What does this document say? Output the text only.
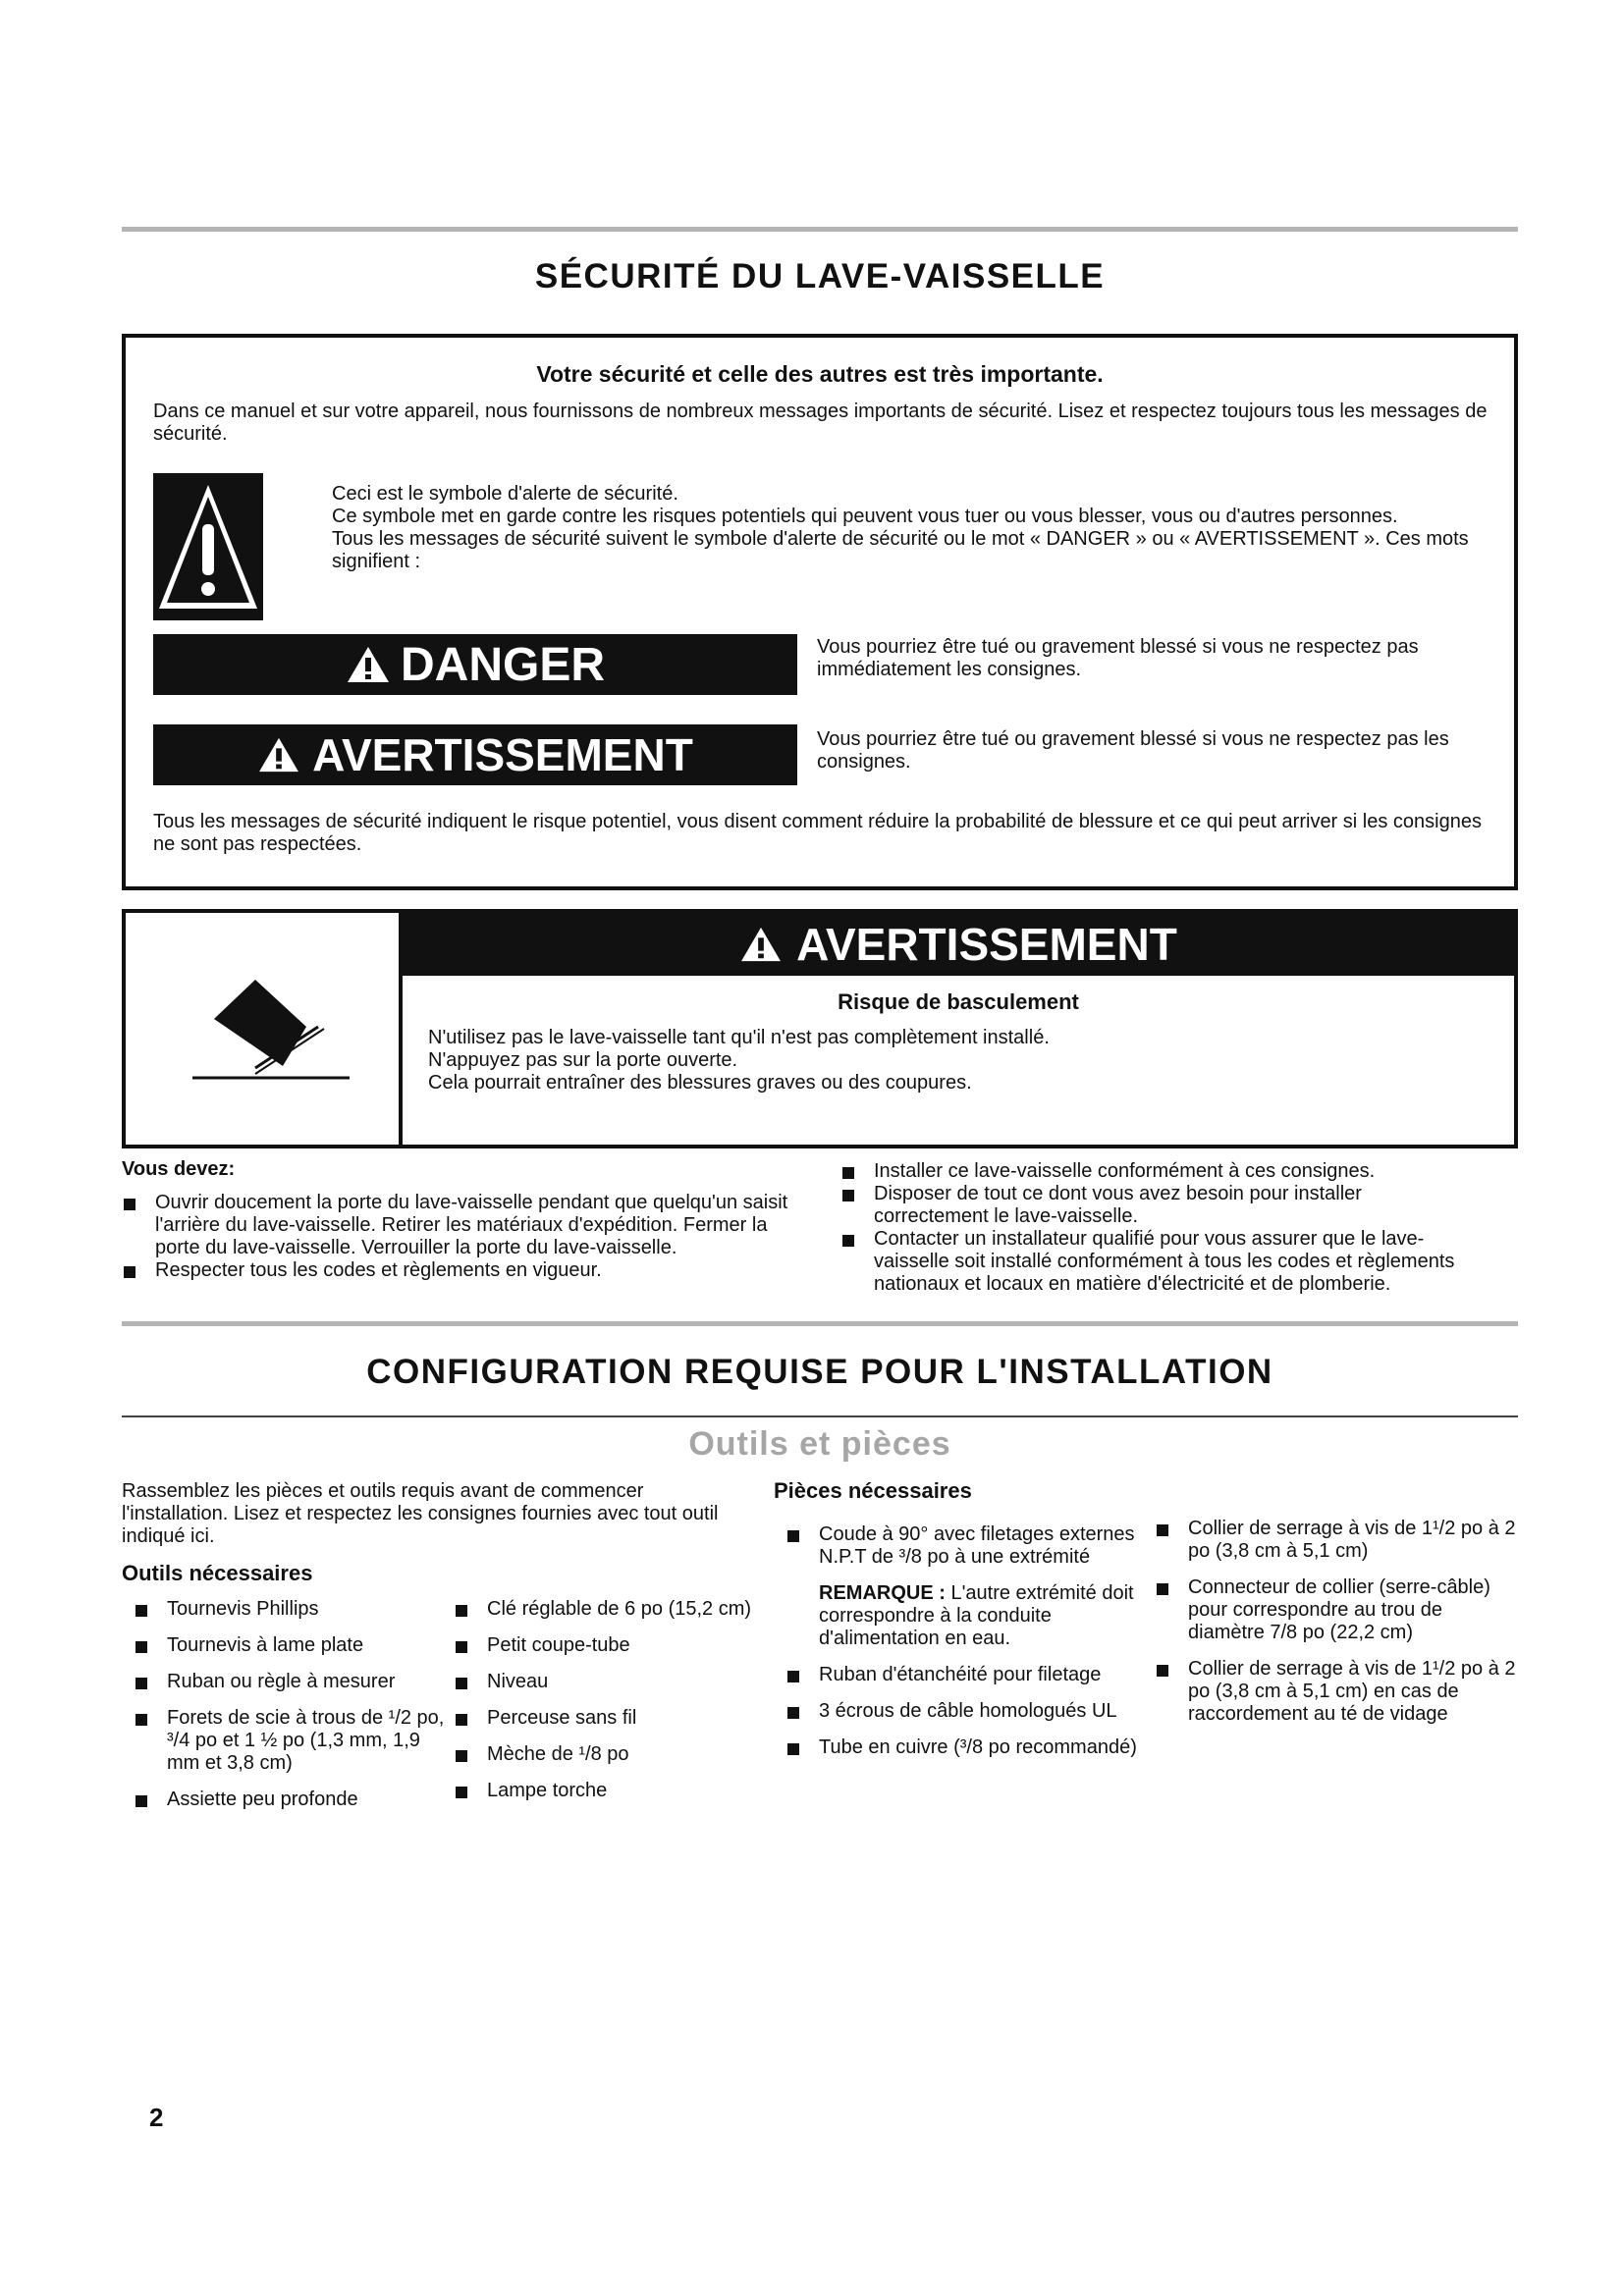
SÉCURITÉ DU LAVE-VAISSELLE
Votre sécurité et celle des autres est très importante.

Dans ce manuel et sur votre appareil, nous fournissons de nombreux messages importants de sécurité. Lisez et respectez toujours tous les messages de sécurité.

Ceci est le symbole d'alerte de sécurité.

Ce symbole met en garde contre les risques potentiels qui peuvent vous tuer ou vous blesser, vous ou d'autres personnes.

Tous les messages de sécurité suivent le symbole d'alerte de sécurité ou le mot « DANGER » ou « AVERTISSEMENT ». Ces mots signifient :

DANGER	Vous pourriez être tué ou gravement blessé si vous ne respectez pas immédiatement les consignes.

AVERTISSEMENT	Vous pourriez être tué ou gravement blessé si vous ne respectez pas les consignes.

Tous les messages de sécurité indiquent le risque potentiel, vous disent comment réduire la probabilité de blessure et ce qui peut arriver si les consignes ne sont pas respectées.

AVERTISSEMENT
Risque de basculement

N'utilisez pas le lave-vaisselle tant qu'il n'est pas complètement installé.

N'appuyez pas sur la porte ouverte.

Cela pourrait entraîner des blessures graves ou des coupures.

Vous devez:
Ouvrir doucement la porte du lave-vaisselle pendant que quelqu'un saisit l'arrière du lave-vaisselle. Retirer les matériaux d'expédition. Fermer la porte du lave-vaisselle. Verrouiller la porte du lave-vaisselle.
Respecter tous les codes et règlements en vigueur.
Installer ce lave-vaisselle conformément à ces consignes.
Disposer de tout ce dont vous avez besoin pour installer correctement le lave-vaisselle.
Contacter un installateur qualifié pour vous assurer que le lave-vaisselle soit installé conformément à tous les codes et règlements nationaux et locaux en matière d'électricité et de plomberie.
CONFIGURATION REQUISE POUR L'INSTALLATION
Outils et pièces

Rassemblez les pièces et outils requis avant de commencer l'installation. Lisez et respectez les consignes fournies avec tout outil indiqué ici.

Outils nécessaires
Tournevis Phillips
Tournevis à lame plate
Ruban ou règle à mesurer
Forets de scie à trous de ¹/2 po, ³/4 po et 1 ½ po (1,3 mm, 1,9 mm et 3,8 cm)
Assiette peu profonde
Clé réglable de 6 po (15,2 cm)
Petit coupe-tube
Niveau
Perceuse sans fil
Mèche de ¹/8 po
Lampe torche
Pièces nécessaires
Coude à 90° avec filetages externes N.P.T de ³/8 po à une extrémité
REMARQUE : L'autre extrémité doit correspondre à la conduite d'alimentation en eau.
Ruban d'étanchéité pour filetage
3 écrous de câble homologués UL
Tube en cuivre (³/8 po recommandé)
Collier de serrage à vis de 1¹/2 po à 2 po (3,8 cm à 5,1 cm)
Connecteur de collier (serre-câble) pour correspondre au trou de diamètre 7/8 po (22,2 cm)
Collier de serrage à vis de 1¹/2 po à 2 po (3,8 cm à 5,1 cm) en cas de raccordement au té de vidage
2
